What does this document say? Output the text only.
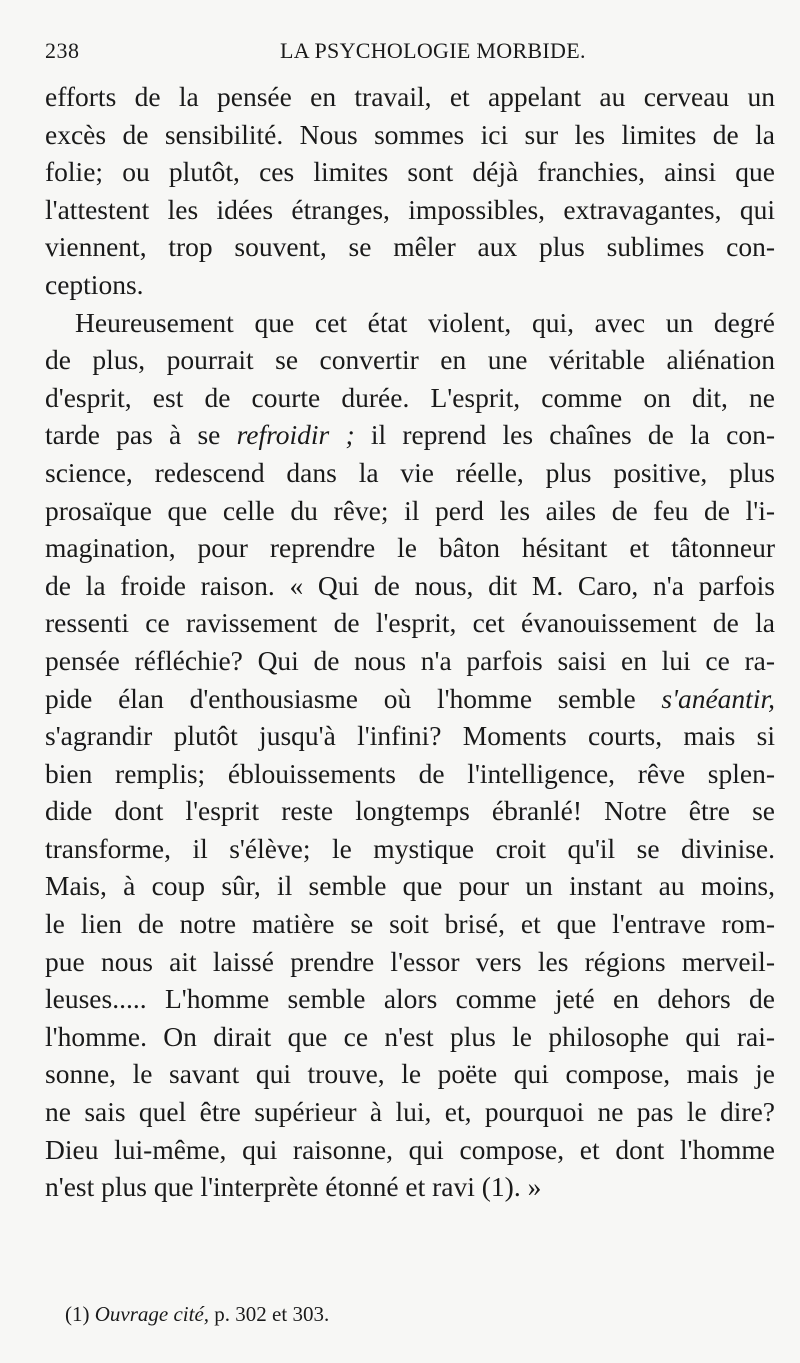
238	LA PSYCHOLOGIE MORBIDE.
efforts de la pensée en travail, et appelant au cerveau un
excès de sensibilité. Nous sommes ici sur les limites de la
folie; ou plutôt, ces limites sont déjà franchies, ainsi que
l'attestent les idées étranges, impossibles, extravagantes, qui
viennent, trop souvent, se mêler aux plus sublimes con-
ceptions.
Heureusement que cet état violent, qui, avec un degré
de plus, pourrait se convertir en une véritable aliénation
d'esprit, est de courte durée. L'esprit, comme on dit, ne
tarde pas à se refroidir ; il reprend les chaînes de la con-
science, redescend dans la vie réelle, plus positive, plus
prosaïque que celle du rêve; il perd les ailes de feu de l'i-
magination, pour reprendre le bâton hésitant et tâtonneur
de la froide raison. « Qui de nous, dit M. Caro, n'a parfois
ressenti ce ravissement de l'esprit, cet évanouissement de la
pensée réfléchie? Qui de nous n'a parfois saisi en lui ce ra-
pide élan d'enthousiasme où l'homme semble s'anéantir,
s'agrandir plutôt jusqu'à l'infini? Moments courts, mais si
bien remplis; éblouissements de l'intelligence, rêve splen-
dide dont l'esprit reste longtemps ébranlé! Notre être se
transforme, il s'élève; le mystique croit qu'il se divinise.
Mais, à coup sûr, il semble que pour un instant au moins,
le lien de notre matière se soit brisé, et que l'entrave rom-
pue nous ait laissé prendre l'essor vers les régions merveil-
leuses..... L'homme semble alors comme jeté en dehors de
l'homme. On dirait que ce n'est plus le philosophe qui rai-
sonne, le savant qui trouve, le poëte qui compose, mais je
ne sais quel être supérieur à lui, et, pourquoi ne pas le dire?
Dieu lui-même, qui raisonne, qui compose, et dont l'homme
n'est plus que l'interprète étonné et ravi (1). »
(1) Ouvrage cité, p. 302 et 303.
